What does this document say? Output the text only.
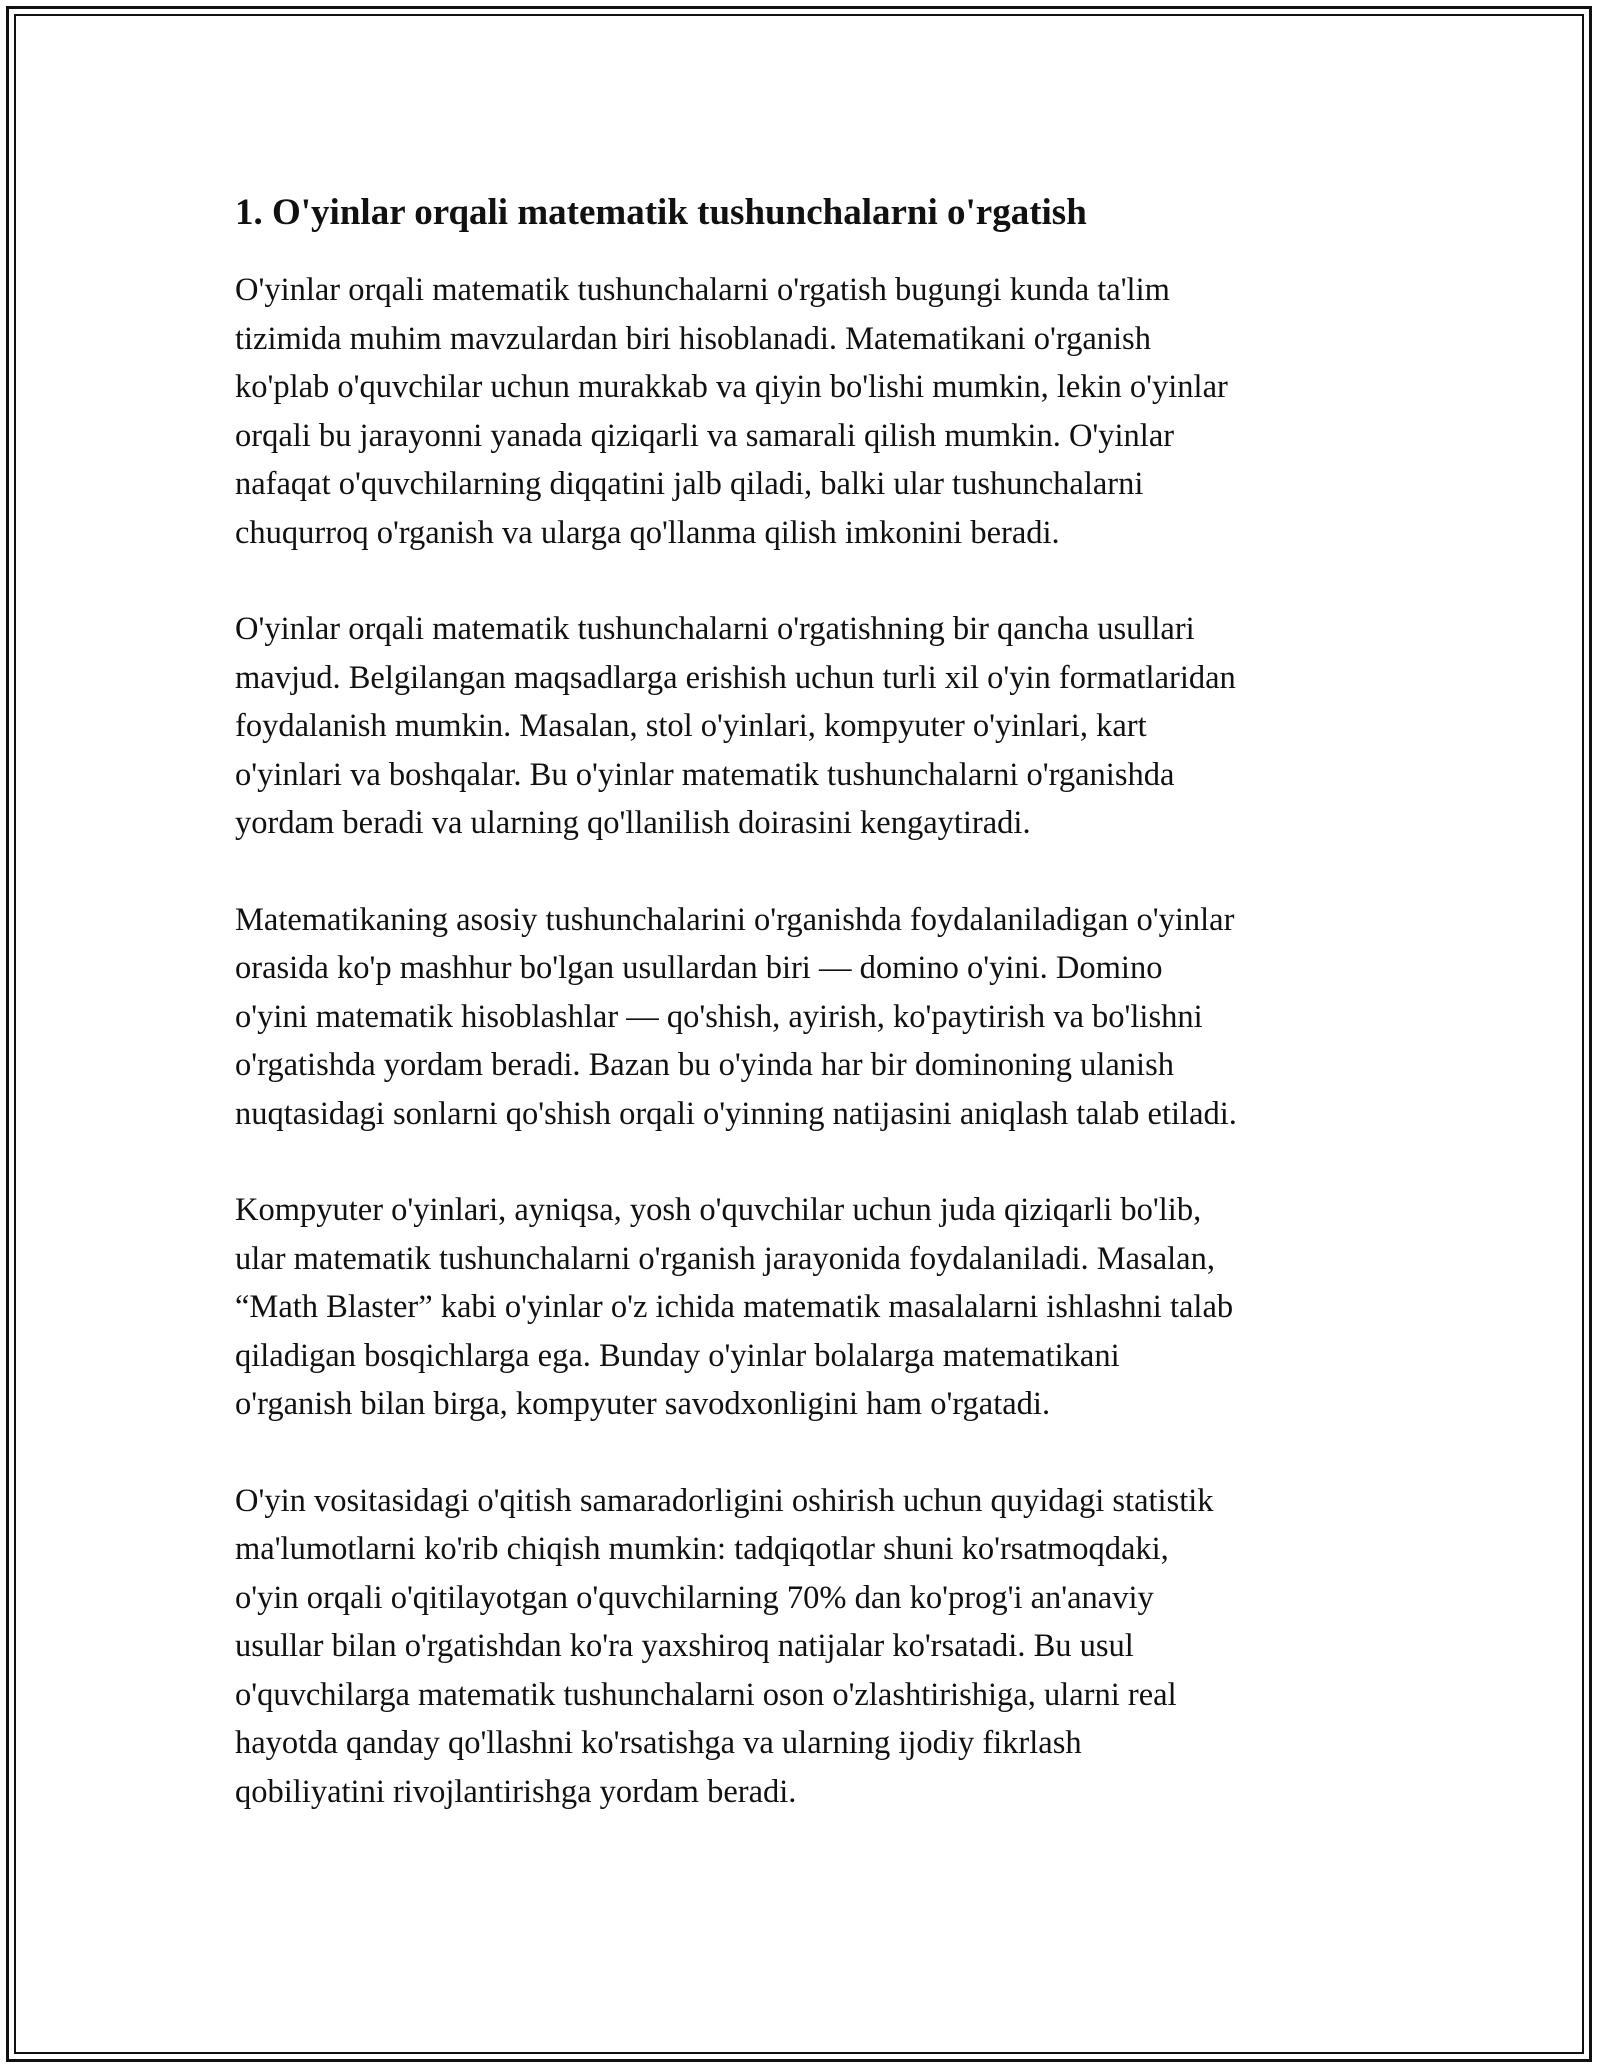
1. O'yinlar orqali matematik tushunchalarni o'rgatish

O'yinlar orqali matematik tushunchalarni o'rgatish bugungi kunda ta'lim
tizimida muhim mavzulardan biri hisoblanadi. Matematikani o'rganish
ko'plab o'quvchilar uchun murakkab va qiyin bo'lishi mumkin, lekin o'yinlar
orqali bu jarayonni yanada qiziqarli va samarali qilish mumkin. O'yinlar
nafaqat o'quvchilarning diqqatini jalb qiladi, balki ular tushunchalarni
chuqurroq o'rganish va ularga qo'llanma qilish imkonini beradi.

O'yinlar orqali matematik tushunchalarni o'rgatishning bir qancha usullari
mavjud. Belgilangan maqsadlarga erishish uchun turli xil o'yin formatlaridan
foydalanish mumkin. Masalan, stol o'yinlari, kompyuter o'yinlari, kart
o'yinlari va boshqalar. Bu o'yinlar matematik tushunchalarni o'rganishda
yordam beradi va ularning qo'llanilish doirasini kengaytiradi.

Matematikaning asosiy tushunchalarini o'rganishda foydalaniladigan o'yinlar
orasida ko'p mashhur bo'lgan usullardan biri — domino o'yini. Domino
o'yini matematik hisoblashlar — qo'shish, ayirish, ko'paytirish va bo'lishni
o'rgatishda yordam beradi. Bazan bu o'yinda har bir dominoning ulanish
nuqtasidagi sonlarni qo'shish orqali o'yinning natijasini aniqlash talab etiladi.

Kompyuter o'yinlari, ayniqsa, yosh o'quvchilar uchun juda qiziqarli bo'lib,
ular matematik tushunchalarni o'rganish jarayonida foydalaniladi. Masalan,
“Math Blaster” kabi o'yinlar o'z ichida matematik masalalarni ishlashni talab
qiladigan bosqichlarga ega. Bunday o'yinlar bolalarga matematikani
o'rganish bilan birga, kompyuter savodxonligini ham o'rgatadi.

O'yin vositasidagi o'qitish samaradorligini oshirish uchun quyidagi statistik
ma'lumotlarni ko'rib chiqish mumkin: tadqiqotlar shuni ko'rsatmoqdaki,
o'yin orqali o'qitilayotgan o'quvchilarning 70% dan ko'prog'i an'anaviy
usullar bilan o'rgatishdan ko'ra yaxshiroq natijalar ko'rsatadi. Bu usul
o'quvchilarga matematik tushunchalarni oson o'zlashtirishiga, ularni real
hayotda qanday qo'llashni ko'rsatishga va ularning ijodiy fikrlash
qobiliyatini rivojlantirishga yordam beradi.
